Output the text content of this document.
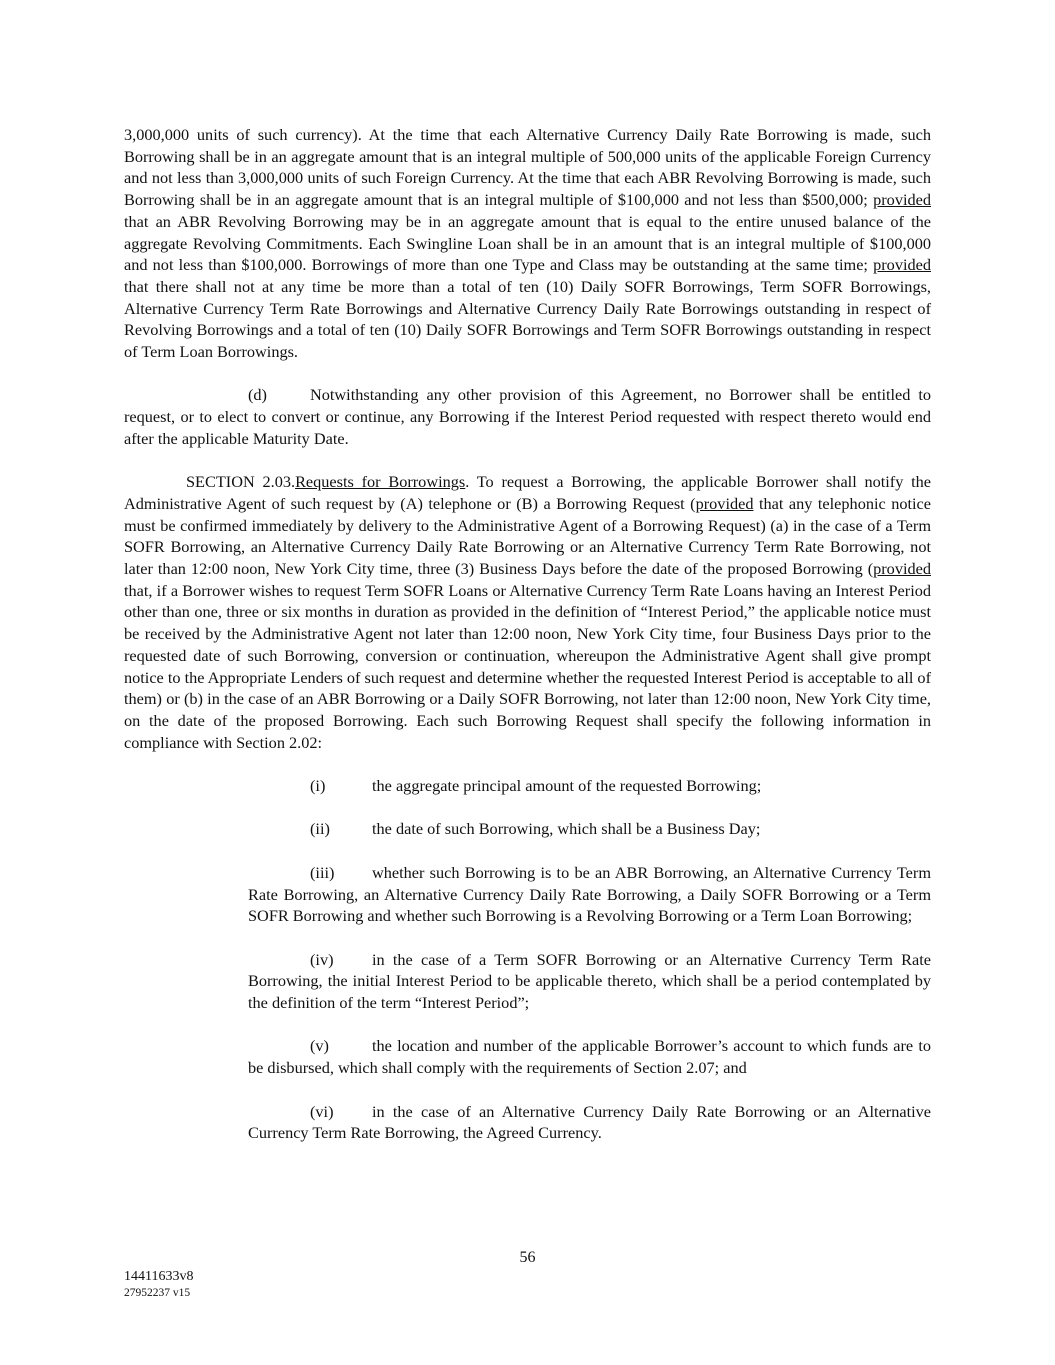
3,000,000 units of such currency). At the time that each Alternative Currency Daily Rate Borrowing is made, such Borrowing shall be in an aggregate amount that is an integral multiple of 500,000 units of the applicable Foreign Currency and not less than 3,000,000 units of such Foreign Currency. At the time that each ABR Revolving Borrowing is made, such Borrowing shall be in an aggregate amount that is an integral multiple of $100,000 and not less than $500,000; provided that an ABR Revolving Borrowing may be in an aggregate amount that is equal to the entire unused balance of the aggregate Revolving Commitments. Each Swingline Loan shall be in an amount that is an integral multiple of $100,000 and not less than $100,000. Borrowings of more than one Type and Class may be outstanding at the same time; provided that there shall not at any time be more than a total of ten (10) Daily SOFR Borrowings, Term SOFR Borrowings, Alternative Currency Term Rate Borrowings and Alternative Currency Daily Rate Borrowings outstanding in respect of Revolving Borrowings and a total of ten (10) Daily SOFR Borrowings and Term SOFR Borrowings outstanding in respect of Term Loan Borrowings.

(d)	Notwithstanding any other provision of this Agreement, no Borrower shall be entitled to request, or to elect to convert or continue, any Borrowing if the Interest Period requested with respect thereto would end after the applicable Maturity Date.

SECTION 2.03.Requests for Borrowings. To request a Borrowing, the applicable Borrower shall notify the Administrative Agent of such request by (A) telephone or (B) a Borrowing Request (provided that any telephonic notice must be confirmed immediately by delivery to the Administrative Agent of a Borrowing Request) (a) in the case of a Term SOFR Borrowing, an Alternative Currency Daily Rate Borrowing or an Alternative Currency Term Rate Borrowing, not later than 12:00 noon, New York City time, three (3) Business Days before the date of the proposed Borrowing (provided that, if a Borrower wishes to request Term SOFR Loans or Alternative Currency Term Rate Loans having an Interest Period other than one, three or six months in duration as provided in the definition of “Interest Period,” the applicable notice must be received by the Administrative Agent not later than 12:00 noon, New York City time, four Business Days prior to the requested date of such Borrowing, conversion or continuation, whereupon the Administrative Agent shall give prompt notice to the Appropriate Lenders of such request and determine whether the requested Interest Period is acceptable to all of them) or (b) in the case of an ABR Borrowing or a Daily SOFR Borrowing, not later than 12:00 noon, New York City time, on the date of the proposed Borrowing. Each such Borrowing Request shall specify the following information in compliance with Section 2.02:

(i)	the aggregate principal amount of the requested Borrowing;

(ii)	the date of such Borrowing, which shall be a Business Day;

(iii) whether such Borrowing is to be an ABR Borrowing, an Alternative Currency Term Rate Borrowing, an Alternative Currency Daily Rate Borrowing, a Daily SOFR Borrowing or a Term SOFR Borrowing and whether such Borrowing is a Revolving Borrowing or a Term Loan Borrowing;

(iv) in the case of a Term SOFR Borrowing or an Alternative Currency Term Rate Borrowing, the initial Interest Period to be applicable thereto, which shall be a period contemplated by the definition of the term “Interest Period”;

(v)	the location and number of the applicable Borrower’s account to which funds are to be disbursed, which shall comply with the requirements of Section 2.07; and

(vi) in the case of an Alternative Currency Daily Rate Borrowing or an Alternative Currency Term Rate Borrowing, the Agreed Currency.

56
14411633v8
27952237 v15
